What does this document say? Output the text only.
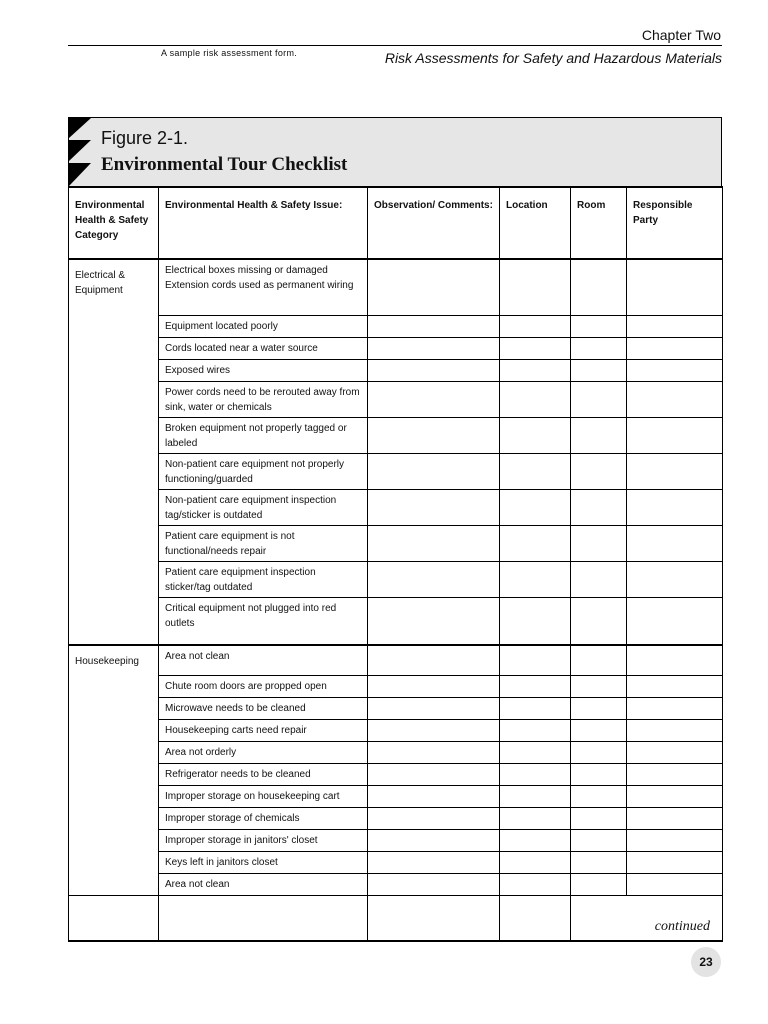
Chapter Two
A sample risk assessment form.	Risk Assessments for Safety and Hazardous Materials
Figure 2-1.
Environmental Tour Checklist
Environmental Health & Safety Category	Environmental Health & Safety Issue:	Observation/ Comments:	Location	Room	Responsible Party
Electrical & Equipment	Electrical boxes missing or damaged Extension cords used as permanent wiring				
	Equipment located poorly				
	Cords located near a water source				
	Exposed wires				
	Power cords need to be rerouted away from sink, water or chemicals				
	Broken equipment not properly tagged or labeled				
	Non-patient care equipment not properly functioning/guarded				
	Non-patient care equipment inspection tag/sticker is outdated				
	Patient care equipment is not functional/needs repair				
	Patient care equipment inspection sticker/tag outdated				
	Critical equipment not plugged into red outlets				
Housekeeping	Area not clean				
	Chute room doors are propped open				
	Microwave needs to be cleaned				
	Housekeeping carts need repair				
	Area not orderly				
	Refrigerator needs to be cleaned				
	Improper storage on housekeeping cart				
	Improper storage of chemicals				
	Improper storage in janitors' closet				
	Keys left in janitors closet				
	Area not clean				
				continued	
23
